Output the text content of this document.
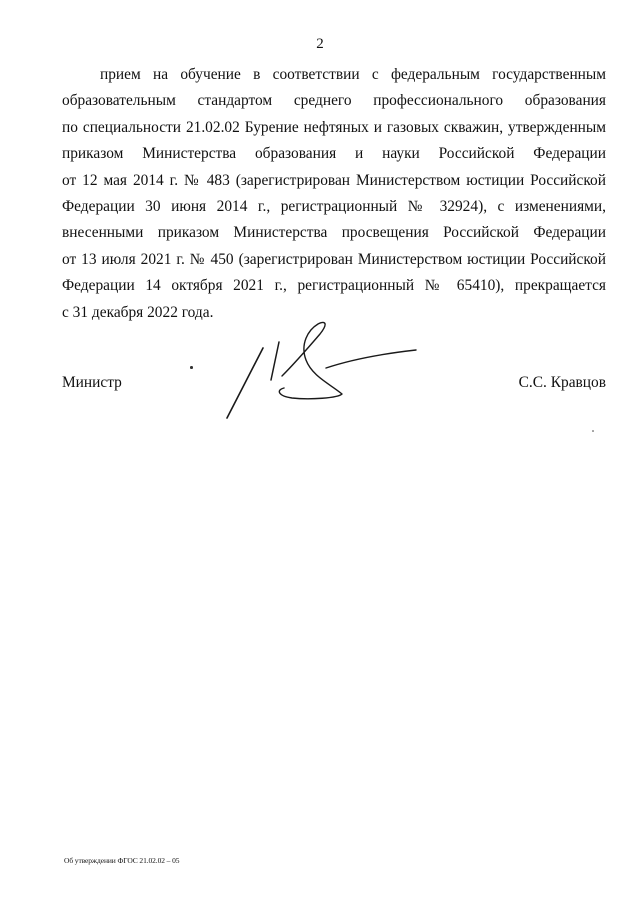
2
прием на обучение в соответствии с федеральным государственным
образовательным стандартом среднего профессионального образования
по специальности 21.02.02 Бурение нефтяных и газовых скважин, утвержденным
приказом Министерства образования и науки Российской Федерации
от 12 мая 2014 г. № 483 (зарегистрирован Министерством юстиции Российской
Федерации 30 июня 2014 г., регистрационный № 32924), с изменениями,
внесенными приказом Министерства просвещения Российской Федерации
от 13 июля 2021 г. № 450 (зарегистрирован Министерством юстиции Российской
Федерации 14 октября 2021 г., регистрационный № 65410), прекращается
с 31 декабря 2022 года.
Министр	С.С. Кравцов
Об утверждении ФГОС 21.02.02 – 05
